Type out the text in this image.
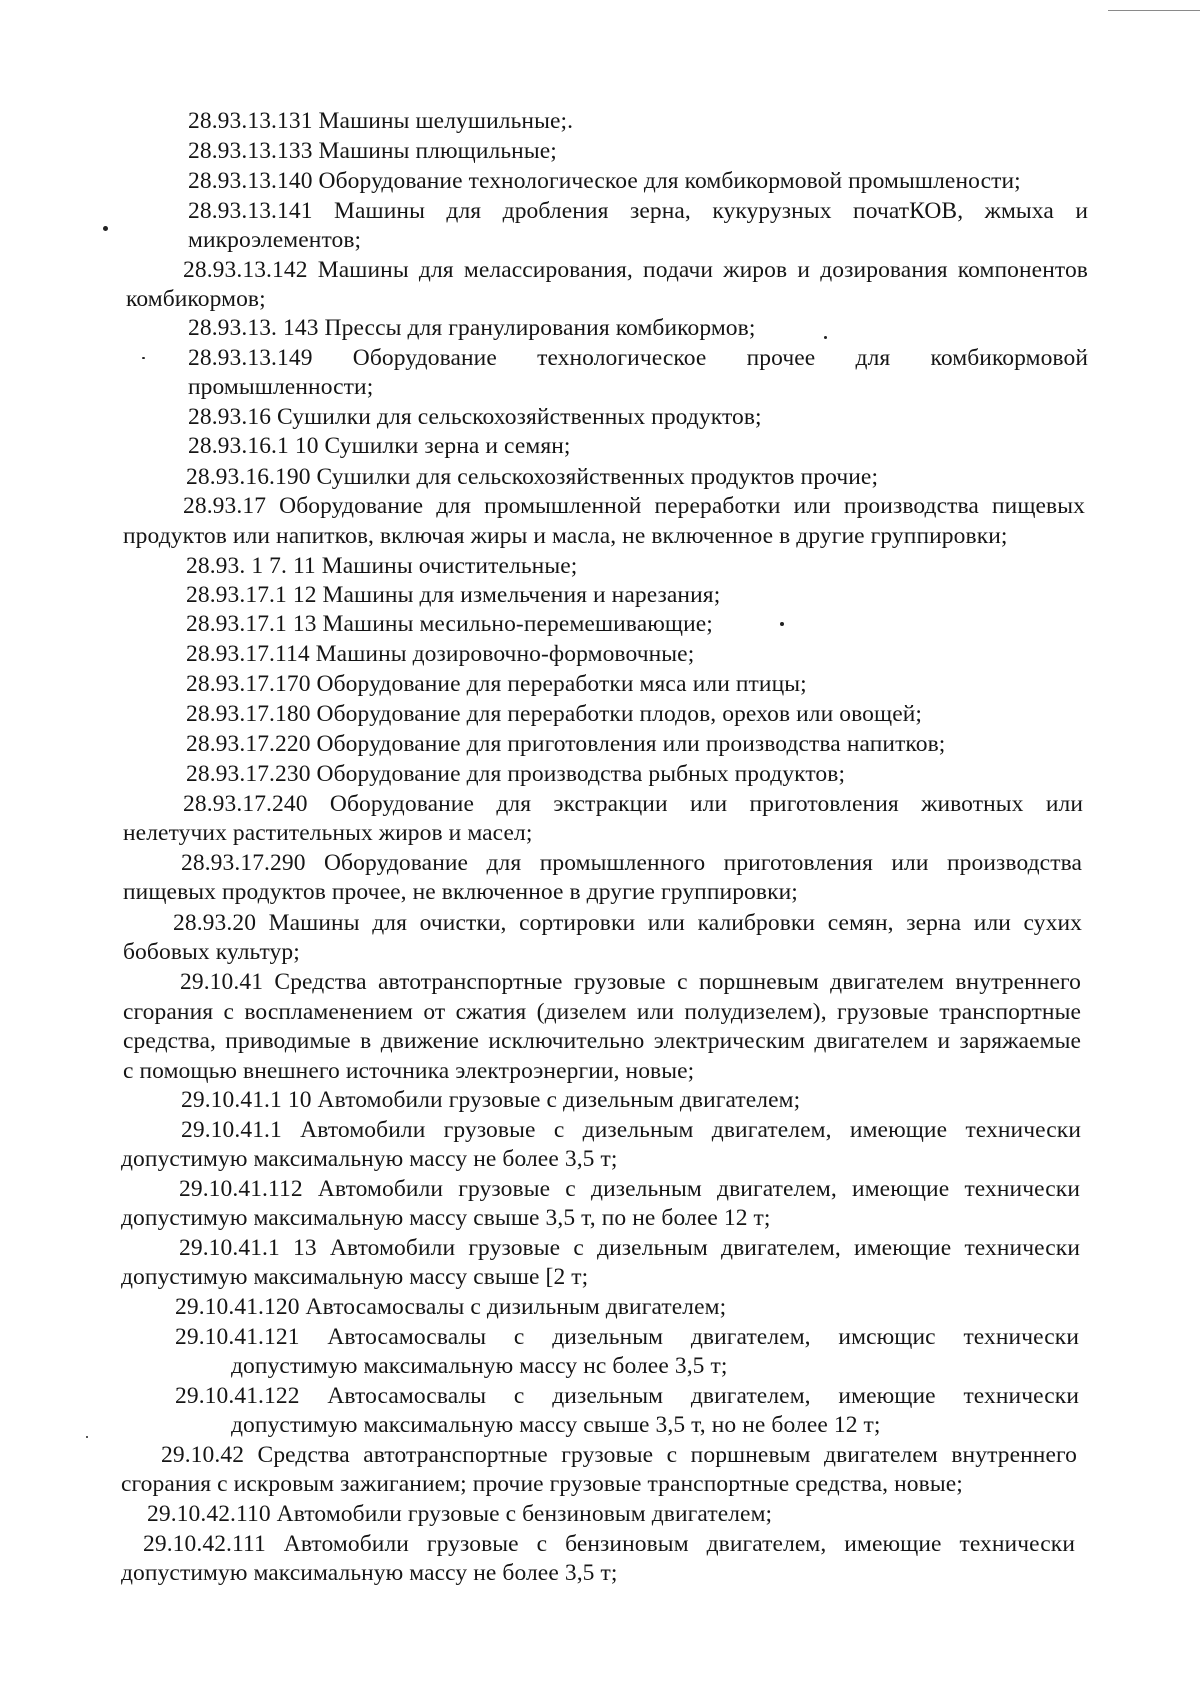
28.93.13.131 Машины шелушильные;.
28.93.13.133 Машины плющильные;
28.93.13.140 Оборудование технологическое для комбикормовой промышлености;
28.93.13.141 Машины для дробления зерна, кукурузных початКОВ, жмыха и
микроэлементов;
28.93.13.142 Машины для мелассирования, подачи жиров и дозирования компонентов
комбикормов;
28.93.13. 143 Прессы для гранулирования комбикормов;
28.93.13.149 Оборудование технологическое прочее для комбикормовой
промышленности;
28.93.16 Сушилки для сельскохозяйственных продуктов;
28.93.16.1 10 Сушилки зерна и семян;
28.93.16.190 Сушилки для сельскохозяйственных продуктов прочие;
28.93.17 Оборудование для промышленной переработки или производства пищевых
продуктов или напитков, включая жиры и масла, не включенное в другие группировки;
28.93. 1 7. 11 Машины очистительные;
28.93.17.1 12 Машины для измельчения и нарезания;
28.93.17.1 13 Машины месильно-перемешивающие;
28.93.17.114 Машины дозировочно-формовочные;
28.93.17.170 Оборудование для переработки мяса или птицы;
28.93.17.180 Оборудование для переработки плодов, орехов или овощей;
28.93.17.220 Оборудование для приготовления или производства напитков;
28.93.17.230 Оборудование для производства рыбных продуктов;
28.93.17.240 Оборудование для экстракции или приготовления животных или
нелетучих растительных жиров и масел;
28.93.17.290 Оборудование для промышленного приготовления или производства
пищевых продуктов прочее, не включенное в другие группировки;
28.93.20 Машины для очистки, сортировки или калибровки семян, зерна или сухих
бобовых культур;
29.10.41 Средства автотранспортные грузовые с поршневым двигателем внутреннего
сгорания с воспламенением от сжатия (дизелем или полудизелем), грузовые транспортные
средства, приводимые в движение исключительно электрическим двигателем и заряжаемые
с помощью внешнего источника электроэнергии, новые;
29.10.41.1 10 Автомобили грузовые с дизельным двигателем;
29.10.41.1 Автомобили грузовые с дизельным двигателем, имеющие технически
допустимую максимальную массу не более 3,5 т;
29.10.41.112 Автомобили грузовые с дизельным двигателем, имеющие технически
допустимую максимальную массу свыше 3,5 т, по не более 12 т;
29.10.41.1 13 Автомобили грузовые с дизельным двигателем, имеющие технически
допустимую максимальную массу свыше [2 т;
29.10.41.120 Автосамосвалы с дизильным двигателем;
29.10.41.121 Автосамосвалы с дизельным двигателем, имсющис технически
допустимую максимальную массу нс более 3,5 т;
29.10.41.122 Автосамосвалы с дизельным двигателем, имеющие технически
допустимую максимальную массу свыше 3,5 т, но не более 12 т;
29.10.42 Средства автотранспортные грузовые с поршневым двигателем внутреннего
сгорания с искровым зажиганием; прочие грузовые транспортные средства, новые;
29.10.42.110 Автомобили грузовые с бензиновым двигателем;
29.10.42.111 Автомобили грузовые с бензиновым двигателем, имеющие технически
допустимую максимальную массу не более 3,5 т;
